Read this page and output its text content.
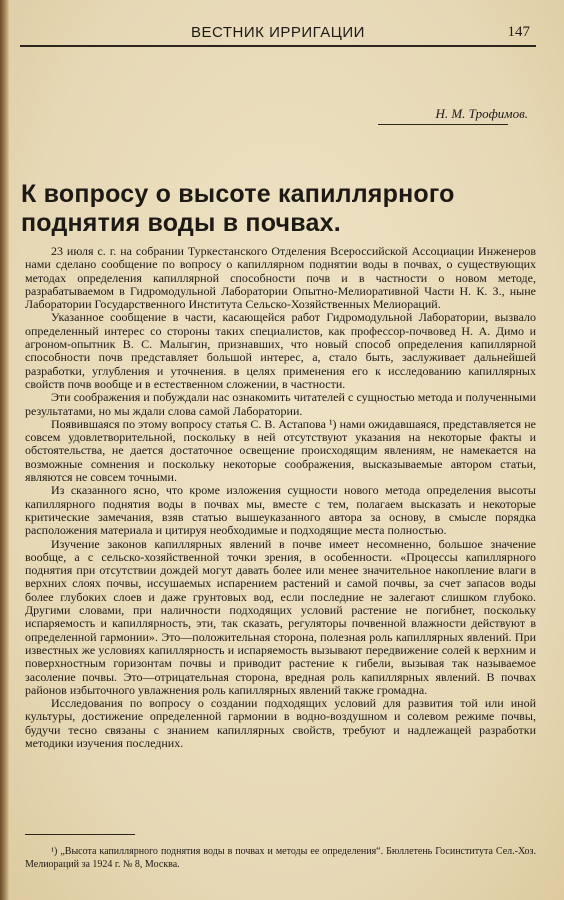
ВЕСТНИК ИРРИГАЦИИ	147
Н. М. Трофимов.
К вопросу о высоте капиллярного поднятия воды в почвах.

23 июля с. г. на собрании Туркестанского Отделения Всероссийской Ассоциации Инженеров нами сделано сообщение по вопросу о капиллярном поднятии воды в почвах, о существующих методах определения капиллярной способности почв и в частности о новом методе, разрабатываемом в Гидромодульной Лаборатории Опытно-Мелиоративной Части Н. К. З., ныне Лаборатории Государственного Института Сельско-Хозяйственных Мелиораций.

Указанное сообщение в части, касающейся работ Гидромодульной Лаборатории, вызвало определенный интерес со стороны таких специалистов, как профессор-почвовед Н. А. Димо и агроном-опытник В. С. Малыгин, признавших, что новый способ определения капиллярной способности почв представляет большой интерес, а, стало быть, заслуживает дальнейшей разработки, углубления и уточнения. в целях применения его к исследованию капиллярных свойств почв вообще и в естественном сложении, в частности.

Эти соображения и побуждали нас ознакомить читателей с сущностью метода и полученными результатами, но мы ждали слова самой Лаборатории.

Появившаяся по этому вопросу статья С. В. Астапова ¹) нами ожидавшаяся, представляется не совсем удовлетворительной, поскольку в ней отсутствуют указания на некоторые факты и обстоятельства, не дается достаточное освещение происходящим явлениям, не намекается на возможные сомнения и поскольку некоторые соображения, высказываемые автором статьи, являются не совсем точными.

Из сказанного ясно, что кроме изложения сущности нового метода определения высоты капиллярного поднятия воды в почвах мы, вместе с тем, полагаем высказать и некоторые критические замечания, взяв статью вышеуказанного автора за основу, в смысле порядка расположения материала и цитируя необходимые и подходящие места полностью.

Изучение законов капиллярных явлений в почве имеет несомненно, большое значение вообще, а с сельско-хозяйственной точки зрения, в особенности. «Процессы капиллярного поднятия при отсутствии дождей могут давать более или менее значительное накопление влаги в верхних слоях почвы, иссушаемых испарением растений и самой почвы, за счет запасов воды более глубоких слоев и даже грунтовых вод, если последние не залегают слишком глубоко. Другими словами, при наличности подходящих условий растение не погибнет, поскольку испаряемость и капиллярность, эти, так сказать, регуляторы почвенной влажности действуют в определенной гармонии». Это—положительная сторона, полезная роль капиллярных явлений. При известных же условиях капиллярность и испаряемость вызывают передвижение солей к верхним и поверхностным горизонтам почвы и приводит растение к гибели, вызывая так называемое засоление почвы. Это—отрицательная сторона, вредная роль капиллярных явлений. В почвах районов избыточного увлажнения роль капиллярных явлений также громадна.

Исследования по вопросу о создании подходящих условий для развития той или иной культуры, достижение определенной гармонии в водно-воздушном и солевом режиме почвы, будучи тесно связаны с знанием капиллярных свойств, требуют и надлежащей разработки методики изучения последних.

¹) „Высота капиллярного поднятия воды в почвах и методы ее определения“. Бюллетень Госинститута Сел.-Хоз. Мелиораций за 1924 г. № 8, Москва.
